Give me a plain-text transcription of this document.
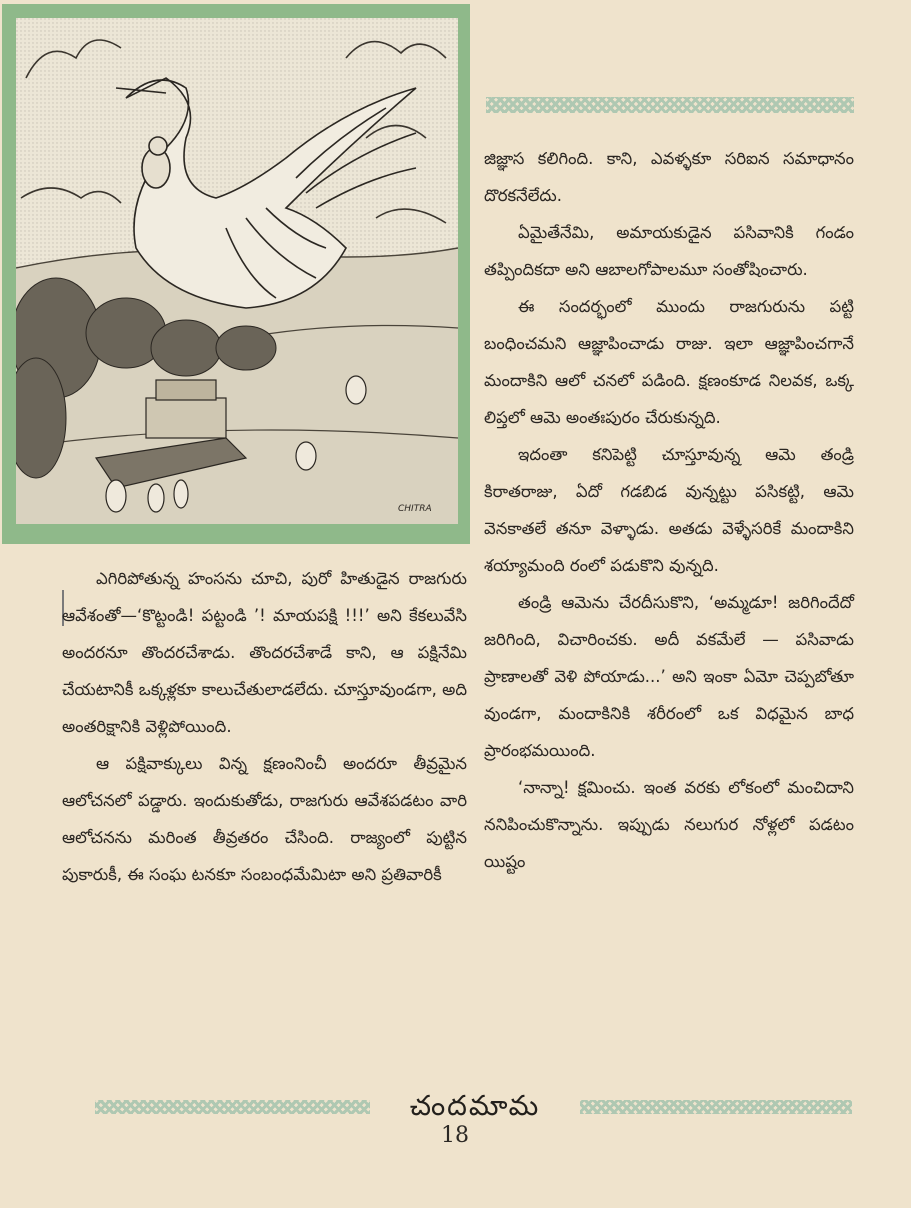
CHITRA

జిజ్ఞాస కలిగింది. కాని, ఎవళ్ళకూ సరిఐన సమాధానం దొరకనేలేదు.

ఏమైతేనేమి, అమాయకుడైన పసివానికి గండం తప్పిందికదా అని ఆబాలగోపాలమూ సంతోషించారు.

ఈ సందర్భంలో ముందు రాజగురును పట్టి బంధించమని ఆజ్ఞాపించాడు రాజు. ఇలా ఆజ్ఞాపించగానే మందాకిని ఆలో చనలో పడింది. క్షణంకూడ నిలవక, ఒక్క లిప్తలో ఆమె అంతఃపురం చేరుకున్నది.

ఇదంతా కనిపెట్టి చూస్తూవున్న ఆమె తండ్రి కిరాతరాజు, ఏదో గడబిడ వున్నట్టు పసికట్టి, ఆమె వెనకాతలే తనూ వెళ్ళాడు. అతడు వెళ్ళేసరికే మందాకిని శయ్యామంది రంలో పడుకొని వున్నది.

తండ్రి ఆమెను చేరదీసుకొని, ‘అమ్మడూ! జరిగిందేదో జరిగింది, విచారించకు. అదీ వకమేలే — పసివాడు ప్రాణాలతో వెళి పోయాడు...’ అని ఇంకా ఏమో చెప్పబోతూ వుండగా, మందాకినికి శరీరంలో ఒక విధమైన బాధ ప్రారంభమయింది.

‘నాన్నా! క్షమించు. ఇంత వరకు లోకంలో మంచిదాని ననిపించుకొన్నాను. ఇప్పుడు నలుగుర నోళ్లలో పడటం యిష్టం

ఎగిరిపోతున్న హంసను చూచి, పురో హితుడైన రాజగురు ఆవేశంతో—‘కొట్టండి! పట్టండి ’! మాయపక్షి !!!’ అని కేకలువేసి అందరనూ తొందరచేశాడు. తొందరచేశాడే కాని, ఆ పక్షినేమి చేయటానికీ ఒక్కళ్లకూ కాలుచేతులాడలేదు. చూస్తూవుండగా, అది అంతరిక్షానికి వెళ్లిపోయింది.

ఆ పక్షివాక్కులు విన్న క్షణంనించీ అందరూ తీవ్రమైన ఆలోచనలో పడ్డారు. ఇందుకుతోడు, రాజగురు ఆవేశపడటం వారి ఆలోచనను మరింత తీవ్రతరం చేసింది. రాజ్యంలో పుట్టిన పుకారుకీ, ఈ సంఘ టనకూ సంబంధమేమిటా అని ప్రతివారికీ

చందమామ
18
